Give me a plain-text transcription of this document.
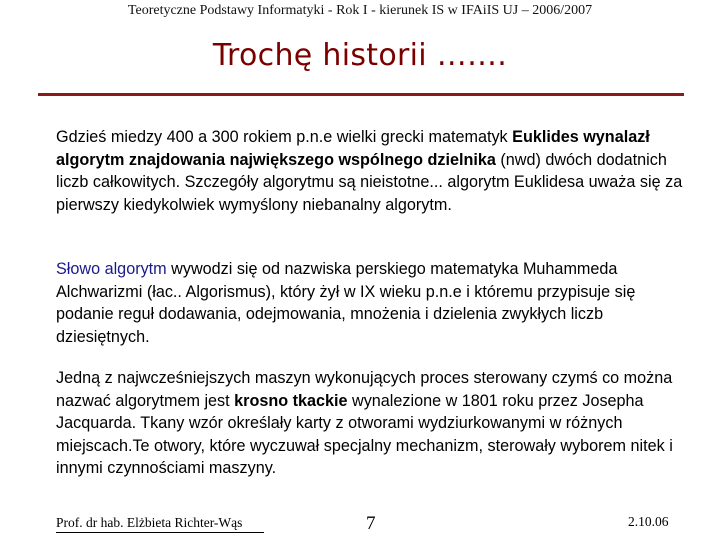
Teoretyczne Podstawy Informatyki - Rok I - kierunek IS w IFAiIS UJ – 2006/2007
Trochę historii …….
Gdzieś miedzy 400 a 300 rokiem p.n.e wielki grecki matematyk Euklides wynalazł algorytm znajdowania największego wspólnego dzielnika (nwd) dwóch dodatnich liczb całkowitych. Szczegóły algorytmu są nieistotne... algorytm Euklidesa uważa się za pierwszy kiedykolwiek wymyślony niebanalny algorytm.
Słowo algorytm wywodzi się od nazwiska perskiego matematyka Muhammeda Alchwarizmi (łac.. Algorismus), który żył w IX wieku p.n.e i któremu przypisuje się podanie reguł dodawania, odejmowania, mnożenia i dzielenia zwykłych liczb dziesiętnych.
Jedną z najwcześniejszych maszyn wykonujących proces sterowany czymś co można nazwać algorytmem jest krosno tkackie wynalezione w 1801 roku przez Josepha Jacquarda. Tkany wzór określały karty z otworami wydziurkowanymi w różnych miejscach.Te otwory, które wyczuwał specjalny mechanizm, sterowały wyborem nitek i innymi czynnościami maszyny.
Prof. dr hab. Elżbieta Richter-Wąs	7	2.10.06
